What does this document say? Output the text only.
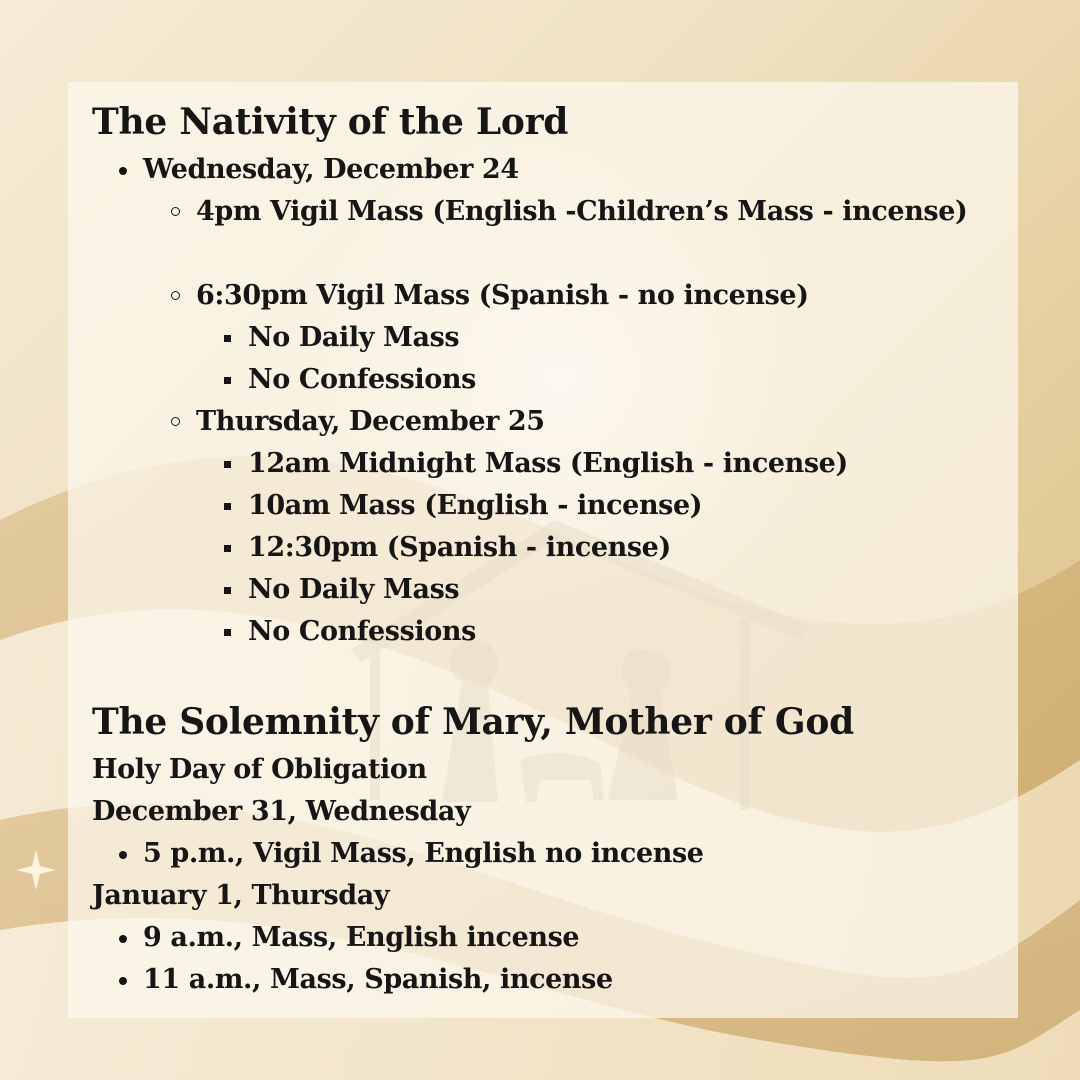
The Nativity of the Lord
Wednesday, December 24
4pm Vigil Mass (English -Children’s Mass - incense)
6:30pm Vigil Mass (Spanish - no incense)
No Daily Mass
No Confessions
Thursday, December 25
12am Midnight Mass (English - incense)
10am Mass (English - incense)
12:30pm (Spanish - incense)
No Daily Mass
No Confessions
The Solemnity of Mary, Mother of God
Holy Day of Obligation
December 31, Wednesday
5 p.m., Vigil Mass, English no incense
January 1, Thursday
9 a.m., Mass, English incense
11 a.m., Mass, Spanish, incense
